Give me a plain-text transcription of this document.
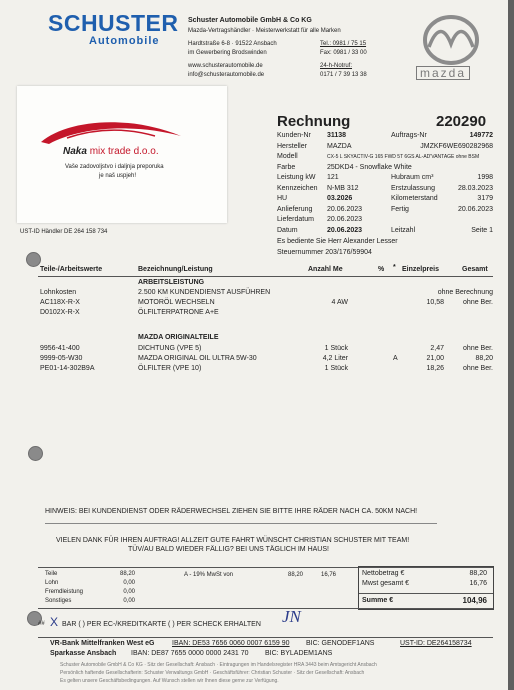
SCHUSTER
Automobile
Schuster Automobile GmbH & Co KG
Mazda-Vertragshändler · Meisterwerkstatt für alle Marken
Hardtstraße 6-8 · 91522 Ansbach
im Gewerbering Brodswinden
Tel.: 0981 / 75 15
Fax: 0981 / 33 00
www.schusterautomobile.de
info@schusterautomobile.de
24-h-Notruf:
0171 / 7 39 13 38	mazda
Naka mix trade d.o.o.
Vaše zadovoljstvo i daljnja preporuka
je naš uspjeh!
UST-ID Händler DE 264 158 734
Rechnung	220290
Kunden-Nr 31138	Auftrags-Nr	149772
Hersteller	MAZDA	JMZKF6WE690282968
Modell	CX-5 L SKYACTIV-G 165 FWD 5T 6GS AL-AD'VANTAGE ohne BSM
Farbe	25DKD4 - Snowflake White
Leistung kW 121	Hubraum cm³	1998
Kennzeichen N-MB 312	Erstzulassung	28.03.2023
HU	03.2026	Kilometerstand	3179
Anlieferung 20.06.2023	Fertig	20.06.2023
Lieferdatum 20.06.2023
Datum	20.06.2023	Leitzahl	Seite 1
Es bediente Sie Herr Alexander Lesser
Steuernummer 203/176/59904
Teile-/Arbeitswerte	Bezeichnung/Leistung	Anzahl Me	% * Einzelpreis	Gesamt
ARBEITSLEISTUNG
Lohnkosten	2.500 KM KUNDENDIENST AUSFÜHREN	ohne Berechnung
AC118X-R-X	MOTORÖL WECHSELN	4 AW	10,58	ohne Ber.
D0102X-R-X	ÖLFILTERPATRONE A+E
MAZDA ORIGINALTEILE
9956-41-400	DICHTUNG (VPE 5)	1 Stück	2,47	ohne Ber.
9999-05-W30	MAZDA ORIGINAL OIL ULTRA 5W-30	4,2 Liter	A	21,00	88,20
PE01-14-302B9A	ÖLFILTER (VPE 10)	1 Stück	18,26	ohne Ber.
HINWEIS: BEI KUNDENDIENST ODER RÄDERWECHSEL ZIEHEN SIE BITTE IHRE RÄDER NACH CA. 50KM NACH!
VIELEN DANK FÜR IHREN AUFTRAG! ALLZEIT GUTE FAHRT WÜNSCHT CHRISTIAN SCHUSTER MIT TEAM!
TÜV/AU BALD WIEDER FÄLLIG? BEI UNS TÄGLICH IM HAUS!
Teile	88,20
Lohn	0,00
Fremdleistung	0,00
Sonstiges	0,00
A - 19% MwSt von	88,20	16,76	Nettobetrag €	88,20
Mwst gesamt €	16,76
Summe €	104,96
## X BAR ( ) PER EC-/KREDITKARTE ( ) PER SCHECK ERHALTEN JN
VR-Bank Mittelfranken West eG IBAN: DE53 7656 0060 0007 6159 90 BIC: GENODEF1ANS	UST-ID: DE264158734
Sparkasse Ansbach IBAN: DE87 7655 0000 0000 2431 70 BIC: BYLADEM1ANS
Schuster Automobile GmbH & Co KG · Sitz der Gesellschaft: Ansbach · Eintragungen im Handelsregister HRA 3443 beim Amtsgericht Ansbach
Persönlich haftende Gesellschafterin: Schuster Verwaltungs GmbH · Geschäftsführer: Christian Schuster · Sitz der Gesellschaft: Ansbach
Es gelten unsere Geschäftsbedingungen. Auf Wunsch stellen wir Ihnen diese gerne zur Verfügung.
